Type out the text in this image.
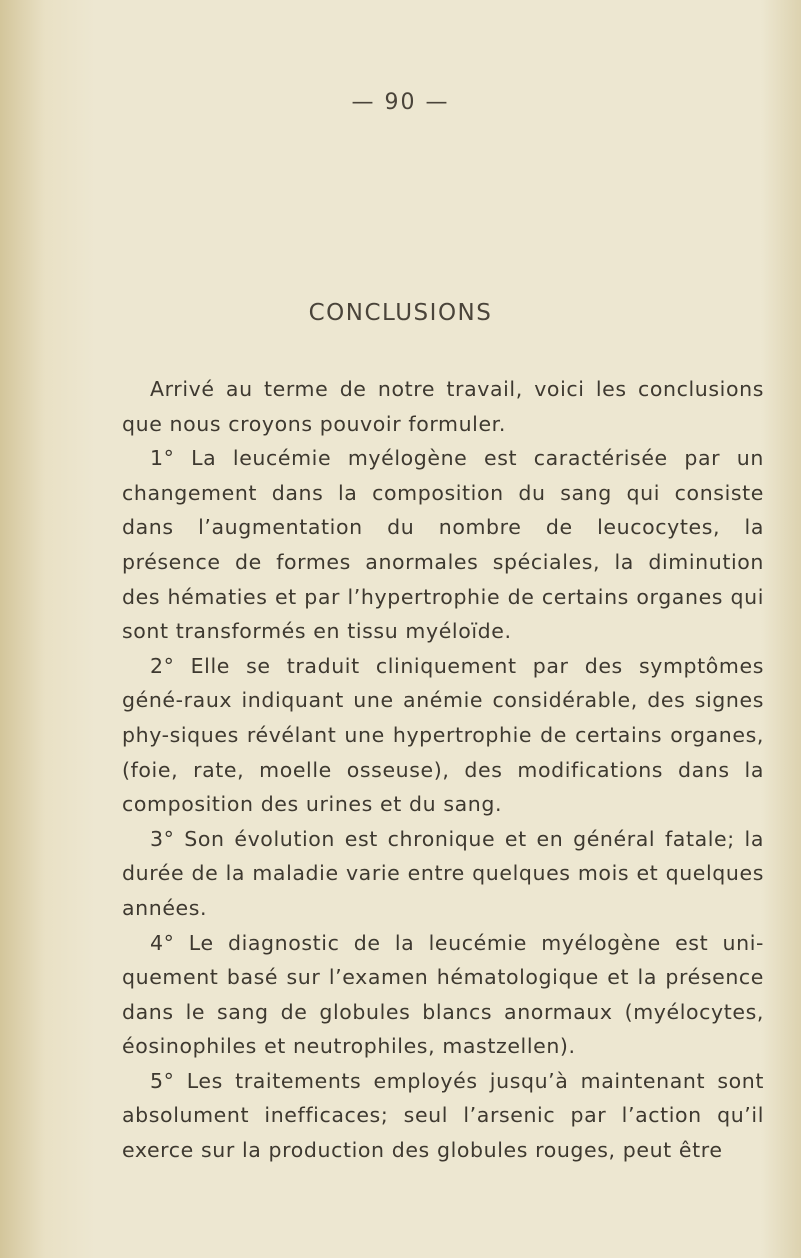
— 90 —
CONCLUSIONS

Arrivé au terme de notre travail, voici les conclusions que nous croyons pouvoir formuler.

1° La leucémie myélogène est caractérisée par un changement dans la composition du sang qui consiste dans l’augmentation du nombre de leucocytes, la présence de formes anormales spéciales, la diminution des hématies et par l’hypertrophie de certains organes qui sont transformés en tissu myéloïde.

2° Elle se traduit cliniquement par des symptômes géné-raux indiquant une anémie considérable, des signes phy-siques révélant une hypertrophie de certains organes, (foie, rate, moelle osseuse), des modifications dans la composition des urines et du sang.

3° Son évolution est chronique et en général fatale; la durée de la maladie varie entre quelques mois et quelques années.

4° Le diagnostic de la leucémie myélogène est uni-quement basé sur l’examen hématologique et la présence dans le sang de globules blancs anormaux (myélocytes, éosinophiles et neutrophiles, mastzellen).

5° Les traitements employés jusqu’à maintenant sont absolument inefficaces; seul l’arsenic par l’action qu’il exerce sur la production des globules rouges, peut être
